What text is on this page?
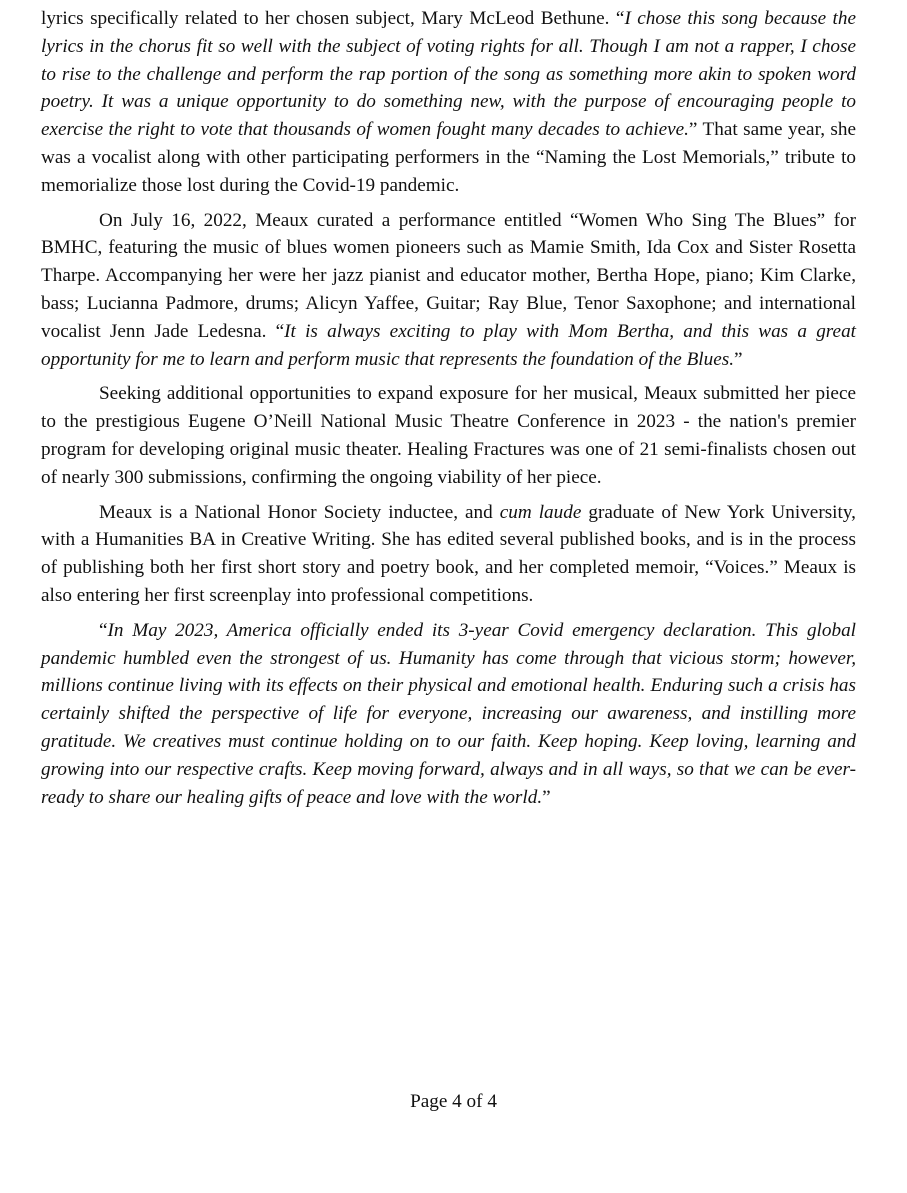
lyrics specifically related to her chosen subject, Mary McLeod Bethune. “I chose this song because the lyrics in the chorus fit so well with the subject of voting rights for all. Though I am not a rapper, I chose to rise to the challenge and perform the rap portion of the song as something more akin to spoken word poetry. It was a unique opportunity to do something new, with the purpose of encouraging people to exercise the right to vote that thousands of women fought many decades to achieve.” That same year, she was a vocalist along with other participating performers in the “Naming the Lost Memorials,” tribute to memorialize those lost during the Covid-19 pandemic.

On July 16, 2022, Meaux curated a performance entitled “Women Who Sing The Blues” for BMHC, featuring the music of blues women pioneers such as Mamie Smith, Ida Cox and Sister Rosetta Tharpe. Accompanying her were her jazz pianist and educator mother, Bertha Hope, piano; Kim Clarke, bass; Lucianna Padmore, drums; Alicyn Yaffee, Guitar; Ray Blue, Tenor Saxophone; and international vocalist Jenn Jade Ledesna. “It is always exciting to play with Mom Bertha, and this was a great opportunity for me to learn and perform music that represents the foundation of the Blues.”

Seeking additional opportunities to expand exposure for her musical, Meaux submitted her piece to the prestigious Eugene O’Neill National Music Theatre Conference in 2023 - the nation's premier program for developing original music theater. Healing Fractures was one of 21 semi-finalists chosen out of nearly 300 submissions, confirming the ongoing viability of her piece.

Meaux is a National Honor Society inductee, and cum laude graduate of New York University, with a Humanities BA in Creative Writing. She has edited several published books, and is in the process of publishing both her first short story and poetry book, and her completed memoir, “Voices.” Meaux is also entering her first screenplay into professional competitions.

“In May 2023, America officially ended its 3-year Covid emergency declaration. This global pandemic humbled even the strongest of us. Humanity has come through that vicious storm; however, millions continue living with its effects on their physical and emotional health. Enduring such a crisis has certainly shifted the perspective of life for everyone, increasing our awareness, and instilling more gratitude. We creatives must continue holding on to our faith. Keep hoping. Keep loving, learning and growing into our respective crafts. Keep moving forward, always and in all ways, so that we can be ever-ready to share our healing gifts of peace and love with the world.”

Page 4 of 4
